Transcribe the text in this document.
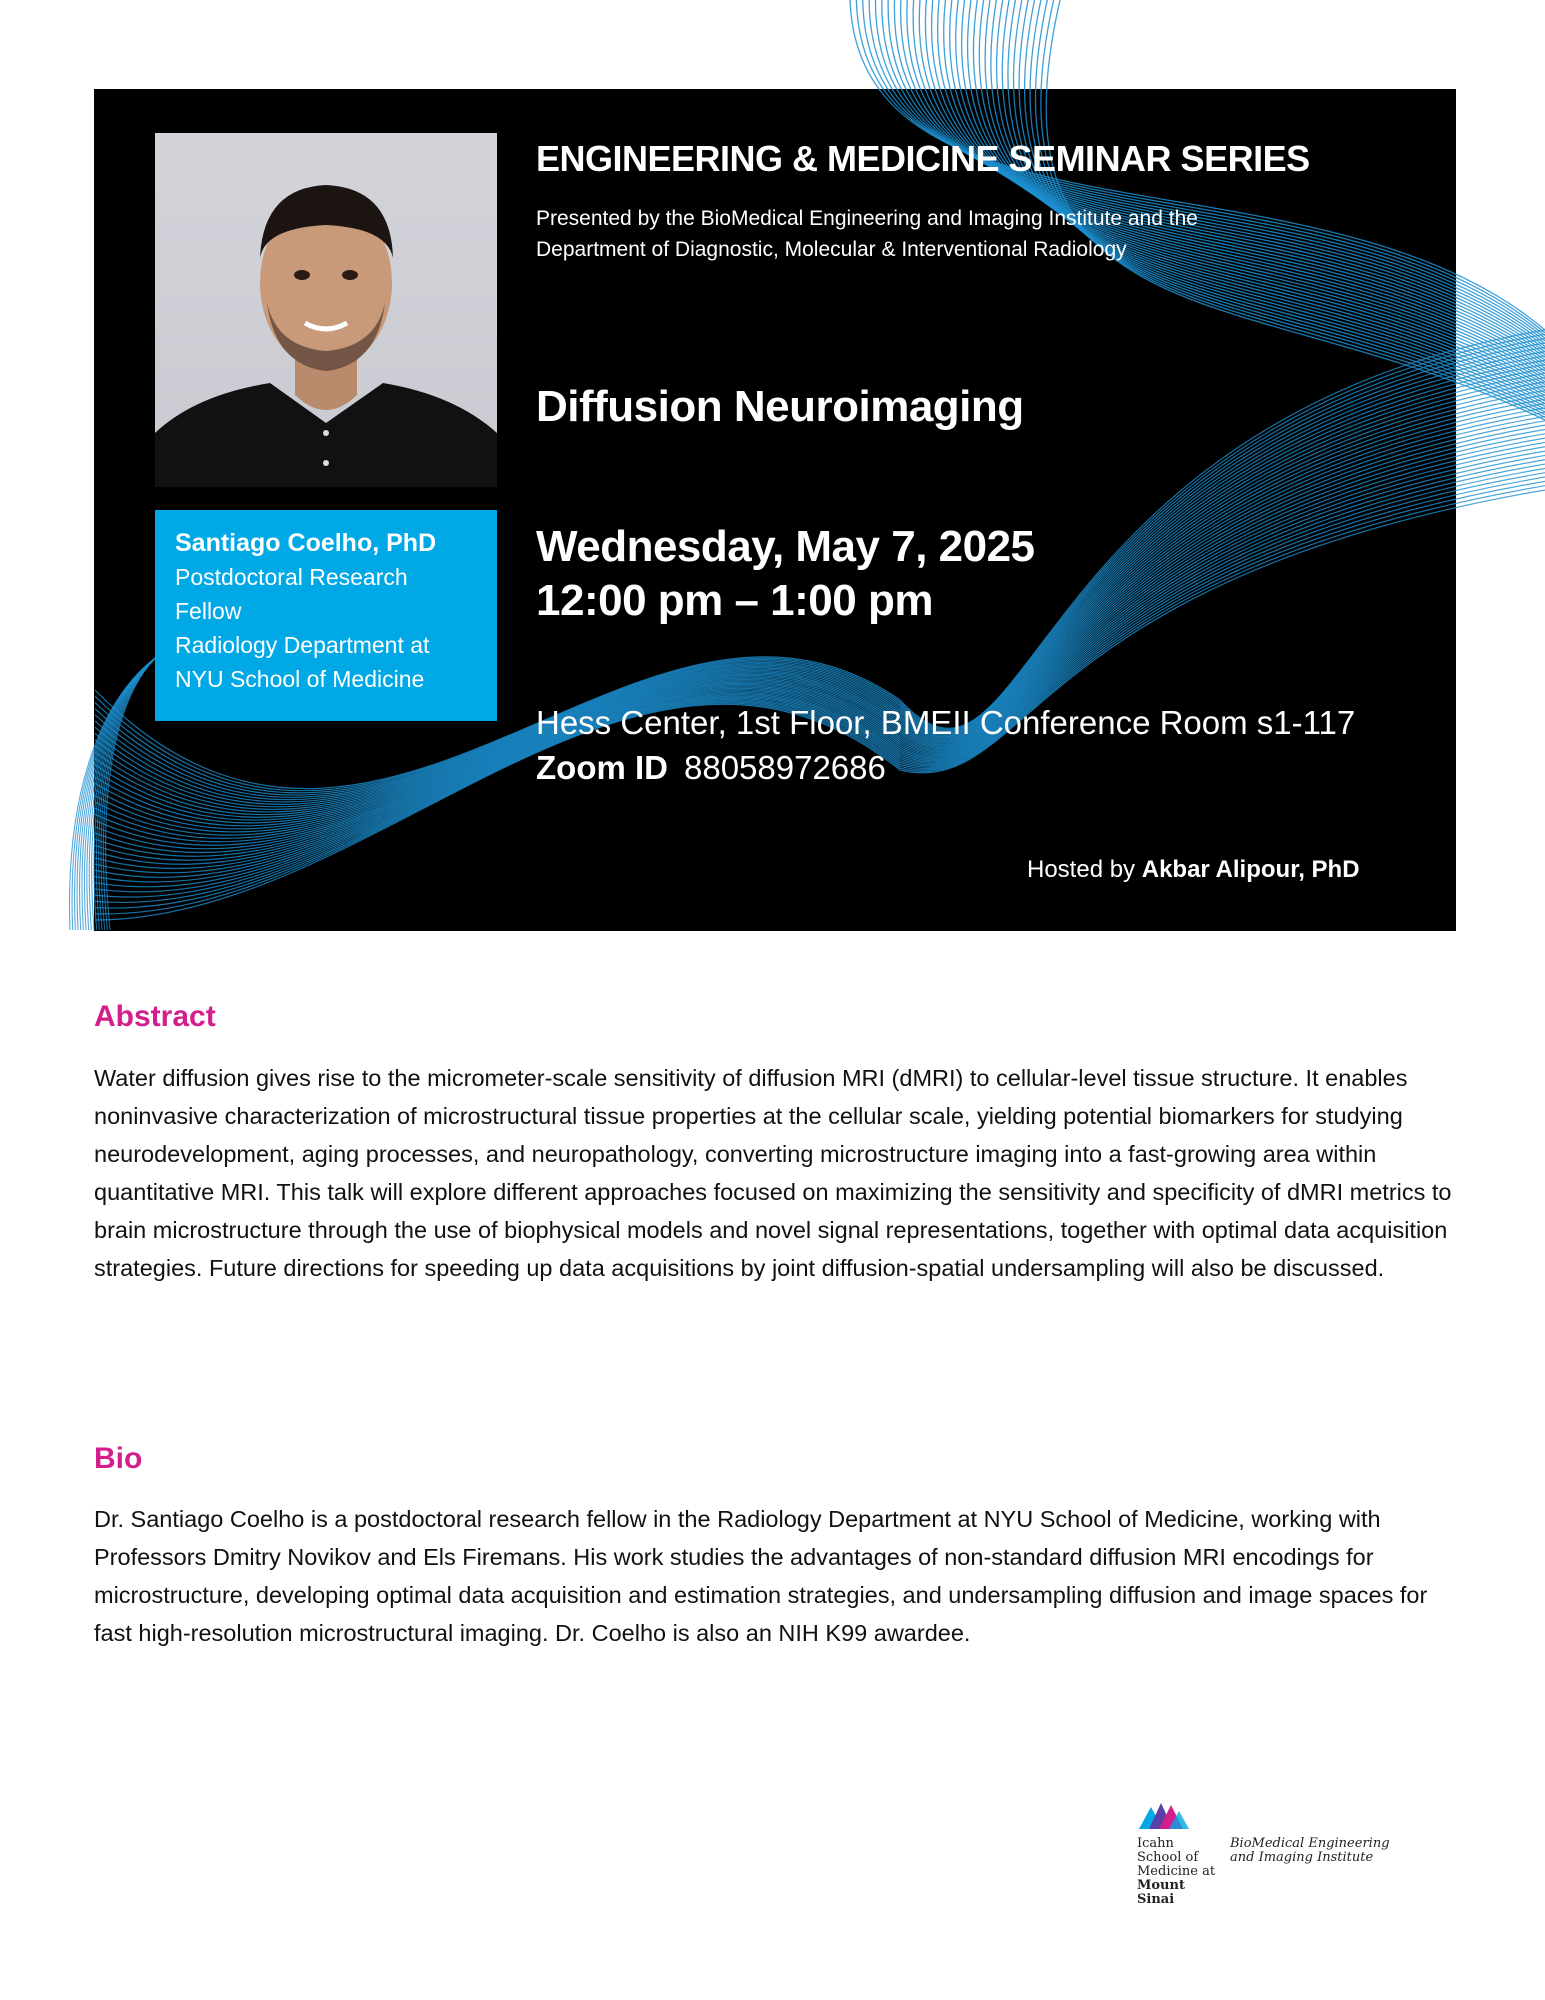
Santiago Coelho, PhD
Postdoctoral Research
Fellow
Radiology Department at
NYU School of Medicine
ENGINEERING & MEDICINE SEMINAR SERIES
Presented by the BioMedical Engineering and Imaging Institute and the
Department of Diagnostic, Molecular & Interventional Radiology
Diffusion Neuroimaging
Wednesday, May 7, 2025
12:00 pm – 1:00 pm
Hess Center, 1st Floor, BMEII Conference Room s1-117
Zoom ID 88058972686
Hosted by Akbar Alipour, PhD
Abstract
Water diffusion gives rise to the micrometer-scale sensitivity of diffusion MRI (dMRI) to cellular-level tissue structure. It enables noninvasive characterization of microstructural tissue properties at the cellular scale, yielding potential biomarkers for studying neurodevelopment, aging processes, and neuropathology, converting microstructure imaging into a fast-growing area within quantitative MRI. This talk will explore different approaches focused on maximizing the sensitivity and specificity of dMRI metrics to brain microstructure through the use of biophysical models and novel signal representations, together with optimal data acquisition strategies. Future directions for speeding up data acquisitions by joint diffusion-spatial undersampling will also be discussed.
Bio
Dr. Santiago Coelho is a postdoctoral research fellow in the Radiology Department at NYU School of Medicine, working with Professors Dmitry Novikov and Els Firemans. His work studies the advantages of non-standard diffusion MRI encodings for microstructure, developing optimal data acquisition and estimation strategies, and undersampling diffusion and image spaces for fast high-resolution microstructural imaging. Dr. Coelho is also an NIH K99 awardee.
Icahn
School of
Medicine at
Mount
Sinai
BioMedical Engineering
and Imaging Institute
